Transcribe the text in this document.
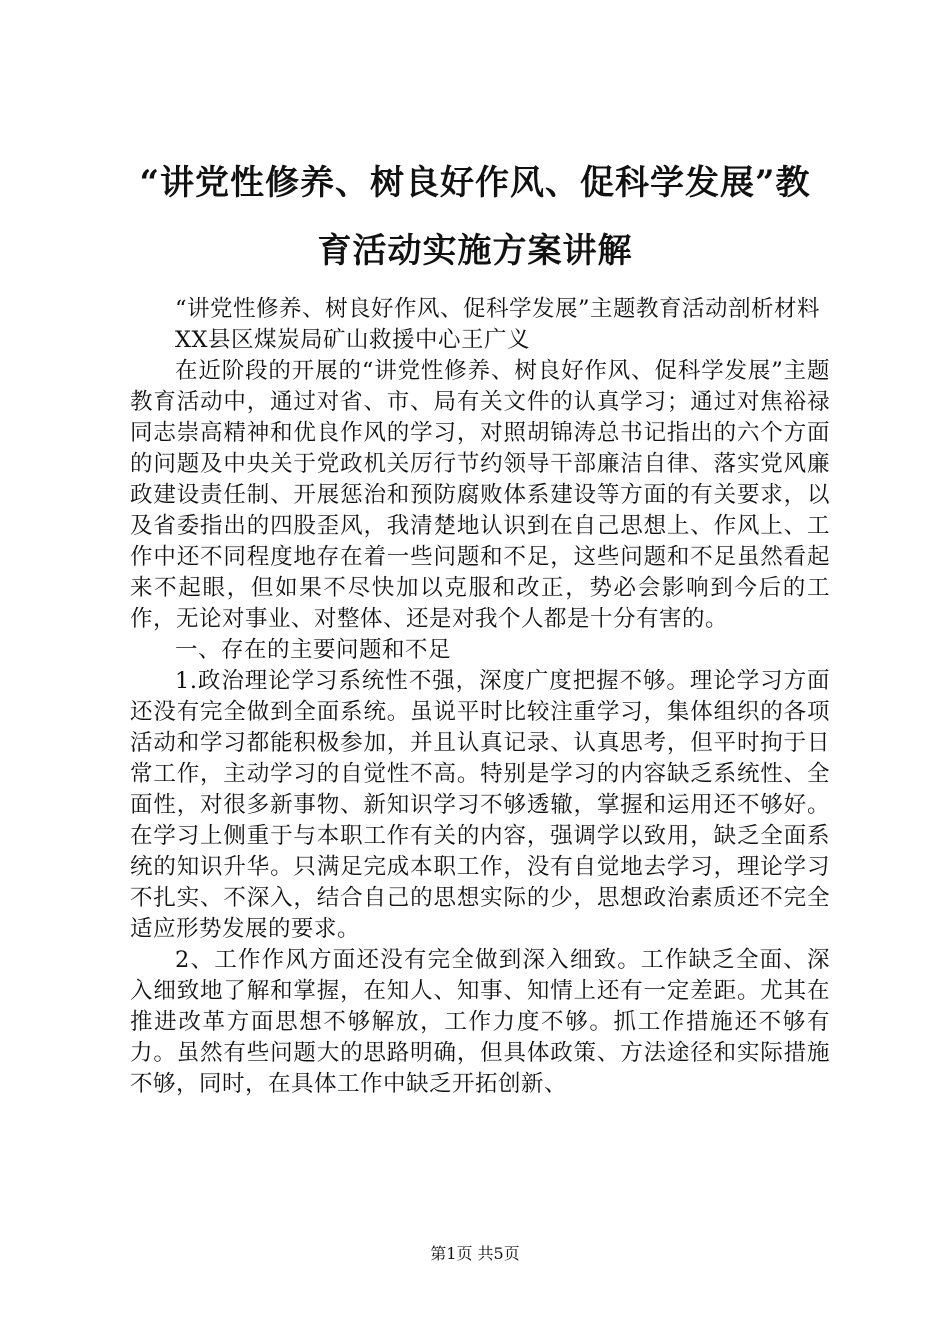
“讲党性修养、树良好作风、促科学发展”教
育活动实施方案讲解

“讲党性修养、树良好作风、促科学发展”主题教育活动剖析材料

XX县区煤炭局矿山救援中心王广义

在近阶段的开展的“讲党性修养、树良好作风、促科学发展”主题教育活动中，通过对省、市、局有关文件的认真学习；通过对焦裕禄同志崇高精神和优良作风的学习，对照胡锦涛总书记指出的六个方面的问题及中央关于党政机关厉行节约领导干部廉洁自律、落实党风廉政建设责任制、开展惩治和预防腐败体系建设等方面的有关要求，以及省委指出的四股歪风，我清楚地认识到在自己思想上、作风上、工作中还不同程度地存在着一些问题和不足，这些问题和不足虽然看起来不起眼，但如果不尽快加以克服和改正，势必会影响到今后的工作，无论对事业、对整体、还是对我个人都是十分有害的。

一、存在的主要问题和不足

1.政治理论学习系统性不强，深度广度把握不够。理论学习方面还没有完全做到全面系统。虽说平时比较注重学习，集体组织的各项活动和学习都能积极参加，并且认真记录、认真思考，但平时拘于日常工作，主动学习的自觉性不高。特别是学习的内容缺乏系统性、全面性，对很多新事物、新知识学习不够透辙，掌握和运用还不够好。在学习上侧重于与本职工作有关的内容，强调学以致用，缺乏全面系统的知识升华。只满足完成本职工作，没有自觉地去学习，理论学习不扎实、不深入，结合自己的思想实际的少，思想政治素质还不完全适应形势发展的要求。

2、工作作风方面还没有完全做到深入细致。工作缺乏全面、深入细致地了解和掌握，在知人、知事、知情上还有一定差距。尤其在推进改革方面思想不够解放，工作力度不够。抓工作措施还不够有力。虽然有些问题大的思路明确，但具体政策、方法途径和实际措施不够，同时，在具体工作中缺乏开拓创新、

第1页 共5页
